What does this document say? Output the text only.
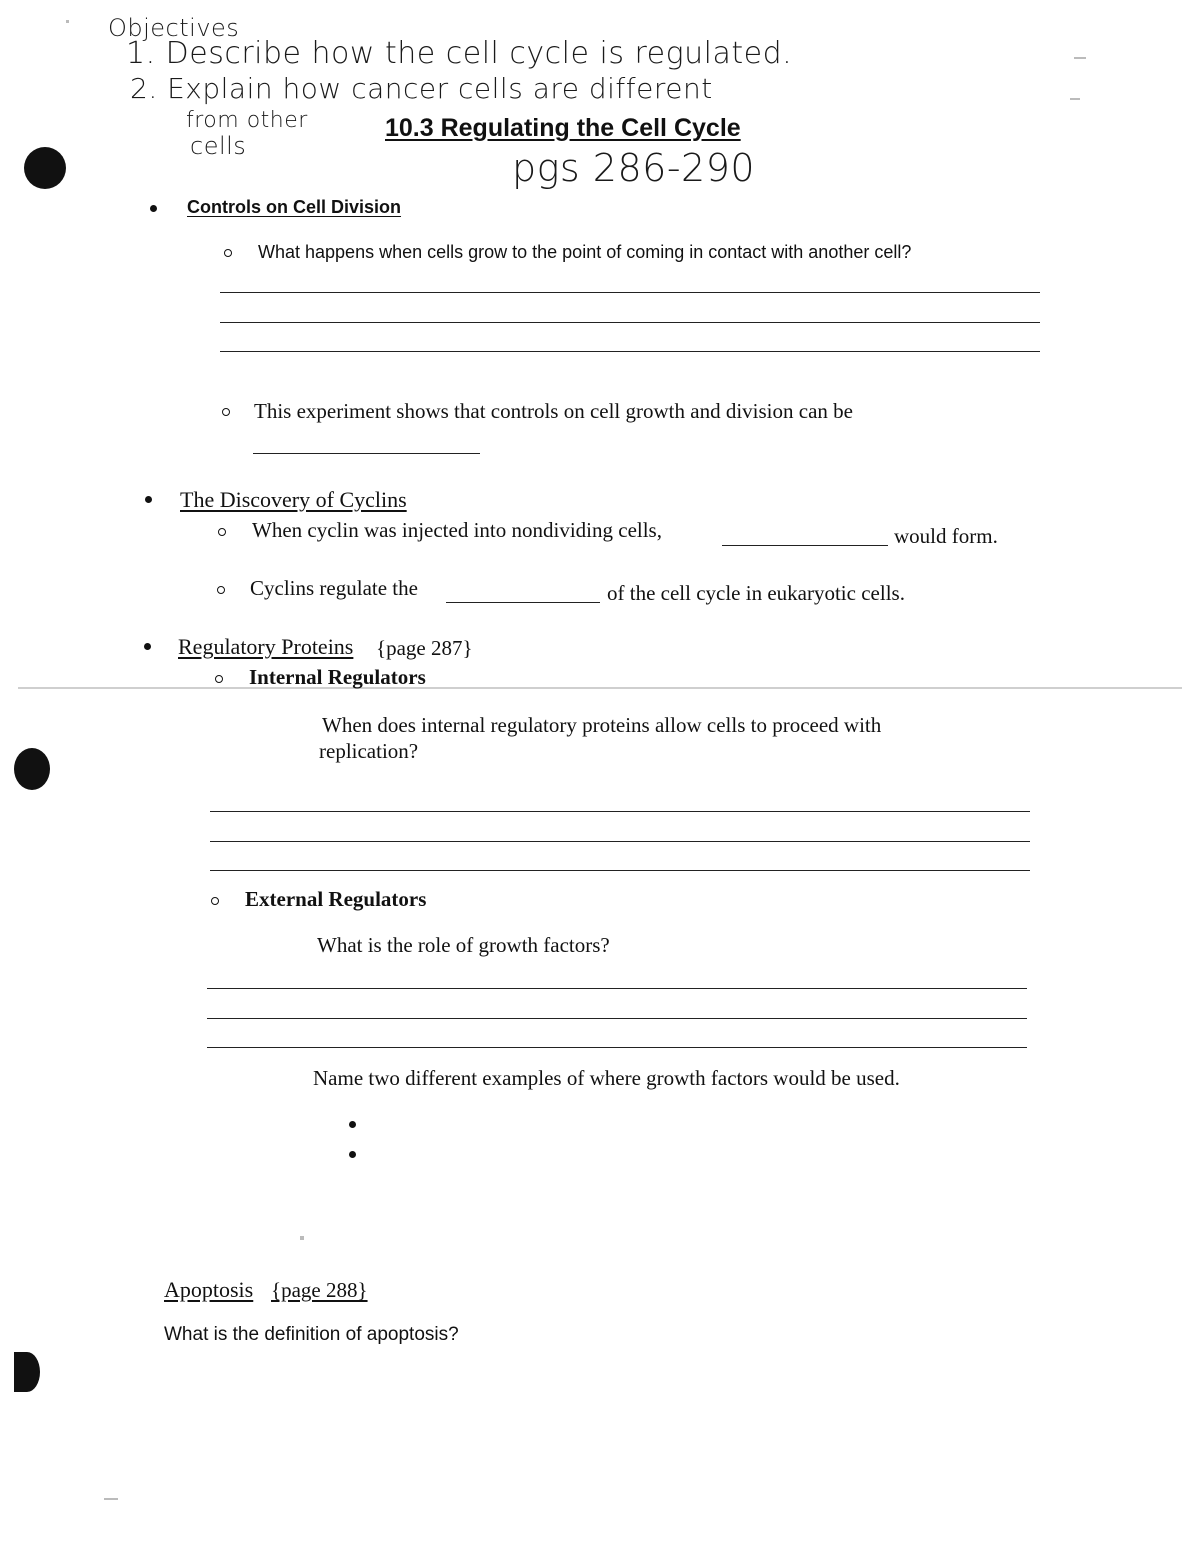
Objectives
1. Describe how the cell cycle is regulated.
2. Explain how cancer cells are different
from other
cells
10.3 Regulating the Cell Cycle
pgs 286-290
Controls on Cell Division
What happens when cells grow to the point of coming in contact with another cell?
This experiment shows that controls on cell growth and division can be
The Discovery of Cyclins
When cyclin was injected into nondividing cells,	would form.
Cyclins regulate the	of the cell cycle in eukaryotic cells.
Regulatory Proteins {page 287}
Internal Regulators
When does internal regulatory proteins allow cells to proceed with
replication?
External Regulators
What is the role of growth factors?
Name two different examples of where growth factors would be used.
Apoptosis {page 288}
What is the definition of apoptosis?
